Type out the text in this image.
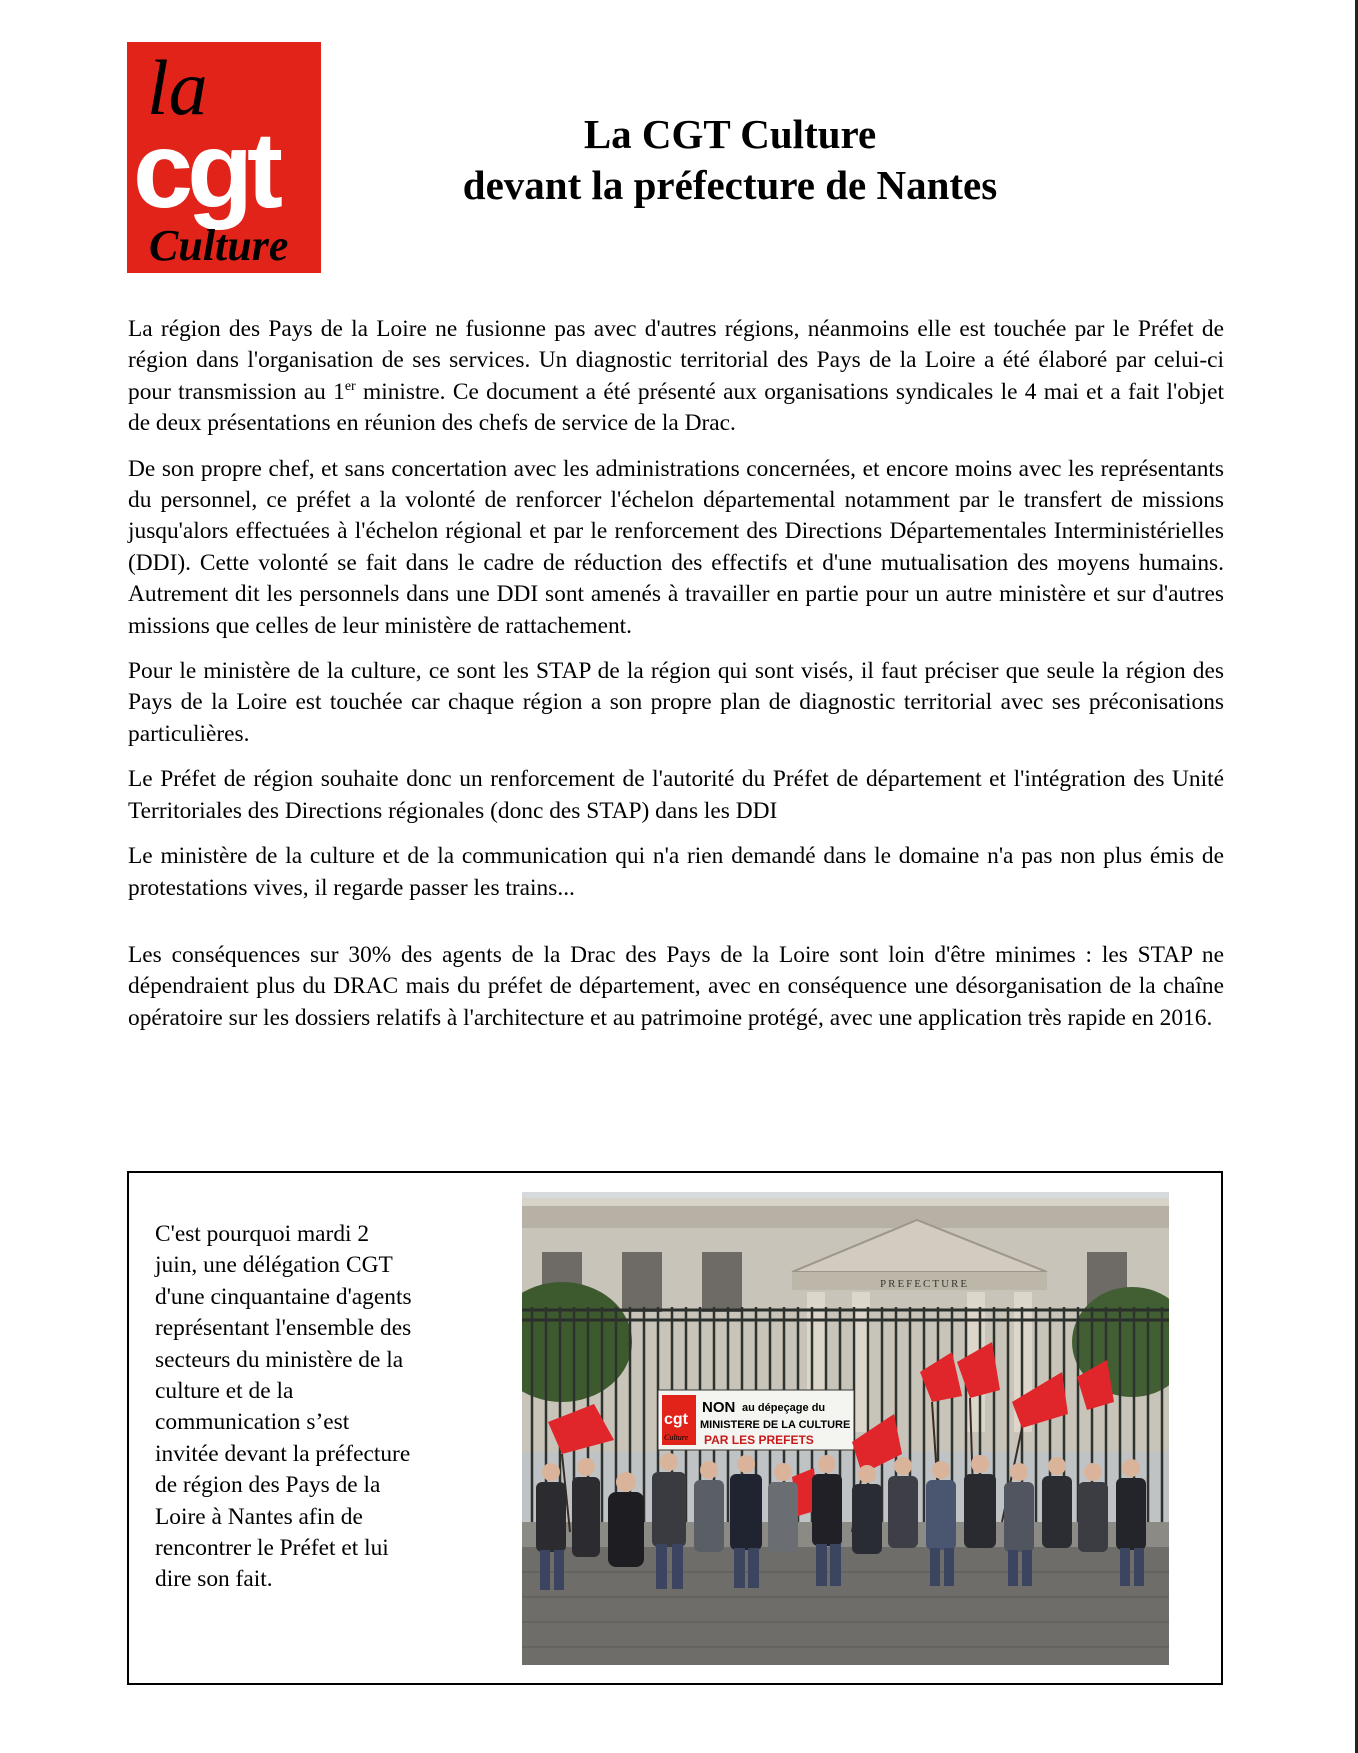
la
cgt
Culture
La CGT Culture
devant la préfecture de Nantes

La région des Pays de la Loire ne fusionne pas avec d'autres régions, néanmoins elle est touchée par le Préfet de région dans l'organisation de ses services. Un diagnostic territorial des Pays de la Loire a été élaboré par celui-ci pour transmission au 1er ministre. Ce document a été présenté aux organisations syndicales le 4 mai et a fait l'objet de deux présentations en réunion des chefs de service de la Drac.

De son propre chef, et sans concertation avec les administrations concernées, et encore moins avec les représentants du personnel, ce préfet a la volonté de renforcer l'échelon départemental notamment par le transfert de missions jusqu'alors effectuées à l'échelon régional et par le renforcement des Directions Départementales Interministérielles (DDI). Cette volonté se fait dans le cadre de réduction des effectifs et d'une mutualisation des moyens humains. Autrement dit les personnels dans une DDI sont amenés à travailler en partie pour un autre ministère et sur d'autres missions que celles de leur ministère de rattachement.

Pour le ministère de la culture, ce sont les STAP de la région qui sont visés, il faut préciser que seule la région des Pays de la Loire est touchée car chaque région a son propre plan de diagnostic territorial avec ses préconisations particulières.

Le Préfet de région souhaite donc un renforcement de l'autorité du Préfet de département et l'intégration des Unité Territoriales des Directions régionales (donc des STAP) dans les DDI

Le ministère de la culture et de la communication qui n'a rien demandé dans le domaine n'a pas non plus émis de protestations vives, il regarde passer les trains...

Les conséquences sur 30% des agents de la Drac des Pays de la Loire sont loin d'être minimes : les STAP ne dépendraient plus du DRAC mais du préfet de département, avec en conséquence une désorganisation de la chaîne opératoire sur les dossiers relatifs à l'architecture et au patrimoine protégé, avec une application très rapide en 2016.

C'est pourquoi mardi 2
juin, une délégation CGT
d'une cinquantaine d'agents
représentant l'ensemble des
secteurs du ministère de la
culture et de la
communication s’est
invitée devant la préfecture
de région des Pays de la
Loire à Nantes afin de
rencontrer le Préfet et lui
dire son fait.
PREFECTURE
cgt
Culture
NON au dépeçage du
MINISTERE DE LA CULTURE
PAR LES PREFETS
